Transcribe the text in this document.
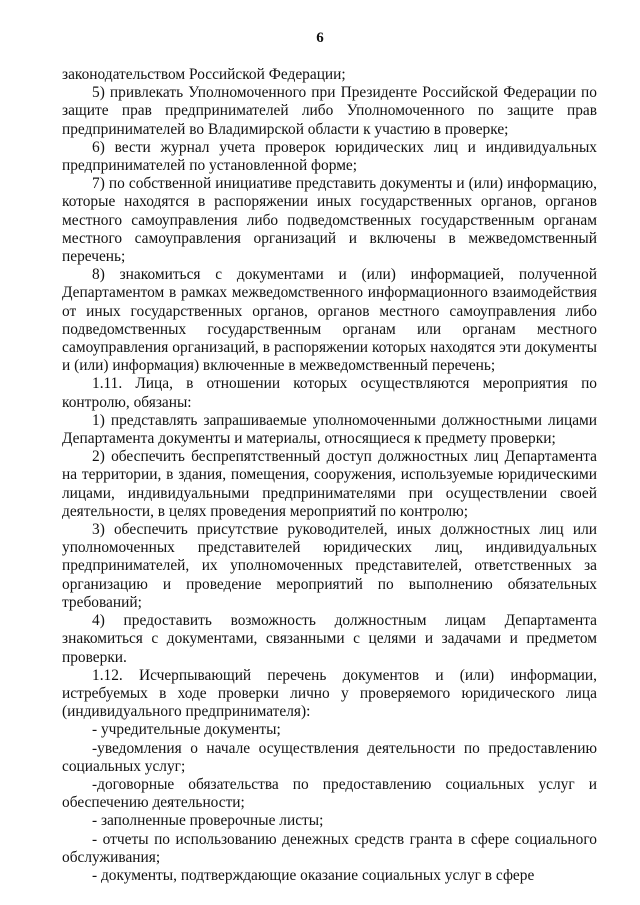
6

законодательством Российской Федерации;

5) привлекать Уполномоченного при Президенте Российской Федерации по защите прав предпринимателей либо Уполномоченного по защите прав предпринимателей во Владимирской области к участию в проверке;

6) вести журнал учета проверок юридических лиц и индивидуальных предпринимателей по установленной форме;

7) по собственной инициативе представить документы и (или) информацию, которые находятся в распоряжении иных государственных органов, органов местного самоуправления либо подведомственных государственным органам местного самоуправления организаций и включены в межведомственный перечень;

8) знакомиться с документами и (или) информацией, полученной Департаментом в рамках межведомственного информационного взаимодействия от иных государственных органов, органов местного самоуправления либо подведомственных государственным органам или органам местного самоуправления организаций, в распоряжении которых находятся эти документы и (или) информация) включенные в межведомственный перечень;

1.11. Лица, в отношении которых осуществляются мероприятия по контролю, обязаны:

1) представлять запрашиваемые уполномоченными должностными лицами Департамента документы и материалы, относящиеся к предмету проверки;

2) обеспечить беспрепятственный доступ должностных лиц Департамента на территории, в здания, помещения, сооружения, используемые юридическими лицами, индивидуальными предпринимателями при осуществлении своей деятельности, в целях проведения мероприятий по контролю;

3) обеспечить присутствие руководителей, иных должностных лиц или уполномоченных представителей юридических лиц, индивидуальных предпринимателей, их уполномоченных представителей, ответственных за организацию и проведение мероприятий по выполнению обязательных требований;

4) предоставить возможность должностным лицам Департамента знакомиться с документами, связанными с целями и задачами и предметом проверки.

1.12. Исчерпывающий перечень документов и (или) информации, истребуемых в ходе проверки лично у проверяемого юридического лица (индивидуального предпринимателя):

- учредительные документы;

-уведомления о начале осуществления деятельности по предоставлению социальных услуг;

-договорные обязательства по предоставлению социальных услуг и обеспечению деятельности;

- заполненные проверочные листы;

- отчеты по использованию денежных средств гранта в сфере социального обслуживания;

- документы, подтверждающие оказание социальных услуг в сфере
